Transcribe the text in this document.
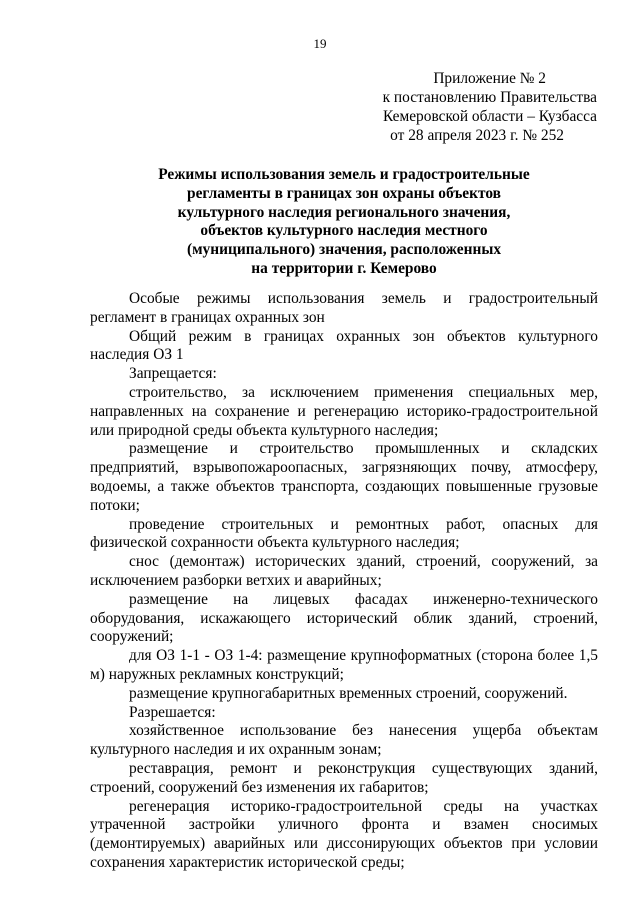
19
Приложение № 2
к постановлению Правительства
Кемеровской области – Кузбасса
от 28 апреля 2023 г. № 252
Режимы использования земель и градостроительные
регламенты в границах зон охраны объектов
культурного наследия регионального значения,
объектов культурного наследия местного
(муниципального) значения, расположенных
на территории г. Кемерово

Особые режимы использования земель и градостроительный регламент в границах охранных зон

Общий режим в границах охранных зон объектов культурного наследия ОЗ 1

Запрещается:

строительство, за исключением применения специальных мер, направленных на сохранение и регенерацию историко-градостроительной или природной среды объекта культурного наследия;

размещение и строительство промышленных и складских предприятий, взрывопожароопасных, загрязняющих почву, атмосферу, водоемы, а также объектов транспорта, создающих повышенные грузовые потоки;

проведение строительных и ремонтных работ, опасных для физической сохранности объекта культурного наследия;

снос (демонтаж) исторических зданий, строений, сооружений, за исключением разборки ветхих и аварийных;

размещение на лицевых фасадах инженерно-технического оборудования, искажающего исторический облик зданий, строений, сооружений;

для ОЗ 1-1 - ОЗ 1-4: размещение крупноформатных (сторона более 1,5 м) наружных рекламных конструкций;

размещение крупногабаритных временных строений, сооружений.

Разрешается:

хозяйственное использование без нанесения ущерба объектам культурного наследия и их охранным зонам;

реставрация, ремонт и реконструкция существующих зданий, строений, сооружений без изменения их габаритов;

регенерация историко-градостроительной среды на участках утраченной застройки уличного фронта и взамен сносимых (демонтируемых) аварийных или диссонирующих объектов при условии сохранения характеристик исторической среды;
